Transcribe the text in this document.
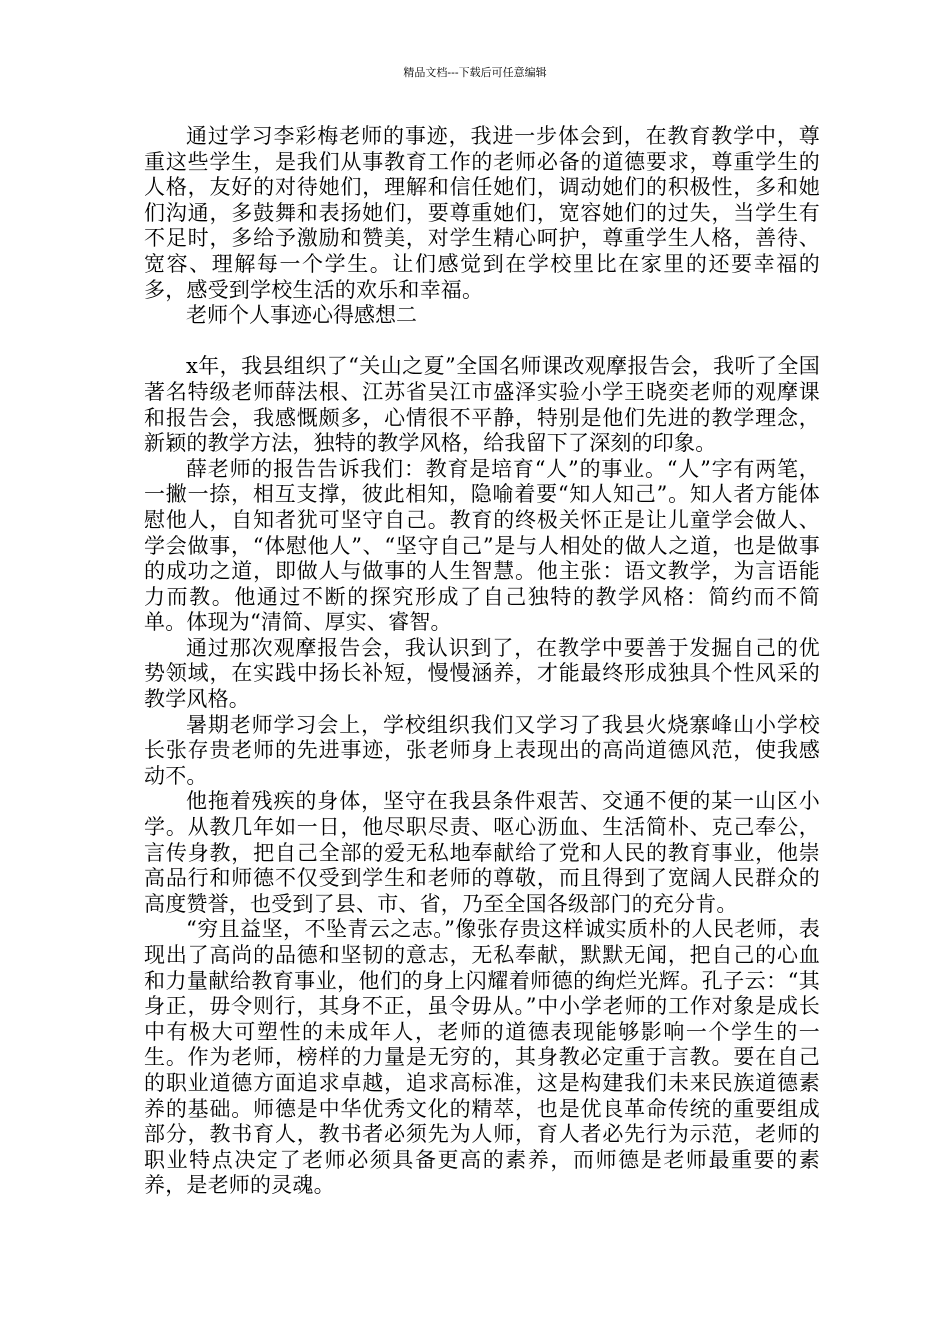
精品文档---下载后可任意编辑

通过学习李彩梅老师的事迹，我进一步体会到，在教育教学中，尊重这些学生，是我们从事教育工作的老师必备的道德要求，尊重学生的人格，友好的对待她们，理解和信任她们，调动她们的积极性，多和她们沟通，多鼓舞和表扬她们，要尊重她们，宽容她们的过失，当学生有不足时，多给予激励和赞美，对学生精心呵护，尊重学生人格，善待、宽容、理解每一个学生。让们感觉到在学校里比在家里的还要幸福的多，感受到学校生活的欢乐和幸福。

老师个人事迹心得感想二

x年，我县组织了“关山之夏”全国名师课改观摩报告会，我听了全国著名特级老师薛法根、江苏省吴江市盛泽实验小学王晓奕老师的观摩课和报告会，我感慨颇多，心情很不平静，特别是他们先进的教学理念，新颖的教学方法，独特的教学风格，给我留下了深刻的印象。

薛老师的报告告诉我们：教育是培育“人”的事业。“人”字有两笔，一撇一捺，相互支撑，彼此相知，隐喻着要“知人知己”。知人者方能体慰他人，自知者犹可坚守自己。教育的终极关怀正是让儿童学会做人、学会做事，“体慰他人”、“坚守自己”是与人相处的做人之道，也是做事的成功之道，即做人与做事的人生智慧。他主张：语文教学，为言语能力而教。他通过不断的探究形成了自己独特的教学风格：简约而不简单。体现为“清简、厚实、睿智。

通过那次观摩报告会，我认识到了，在教学中要善于发掘自己的优势领域，在实践中扬长补短，慢慢涵养，才能最终形成独具个性风采的教学风格。

暑期老师学习会上，学校组织我们又学习了我县火烧寨峰山小学校长张存贵老师的先进事迹，张老师身上表现出的高尚道德风范，使我感动不。

他拖着残疾的身体，坚守在我县条件艰苦、交通不便的某一山区小学。从教几年如一日，他尽职尽责、呕心沥血、生活简朴、克己奉公，言传身教，把自己全部的爱无私地奉献给了党和人民的教育事业，他崇高品行和师德不仅受到学生和老师的尊敬，而且得到了宽阔人民群众的高度赞誉，也受到了县、市、省，乃至全国各级部门的充分肯。

“穷且益坚，不坠青云之志。”像张存贵这样诚实质朴的人民老师，表现出了高尚的品德和坚韧的意志，无私奉献，默默无闻，把自己的心血和力量献给教育事业，他们的身上闪耀着师德的绚烂光辉。孔子云：“其身正，毋令则行，其身不正，虽令毋从。”中小学老师的工作对象是成长中有极大可塑性的未成年人，老师的道德表现能够影响一个学生的一生。作为老师，榜样的力量是无穷的，其身教必定重于言教。要在自己的职业道德方面追求卓越，追求高标准，这是构建我们未来民族道德素养的基础。师德是中华优秀文化的精萃，也是优良革命传统的重要组成部分，教书育人，教书者必须先为人师，育人者必先行为示范，老师的职业特点决定了老师必须具备更高的素养，而师德是老师最重要的素养，是老师的灵魂。
